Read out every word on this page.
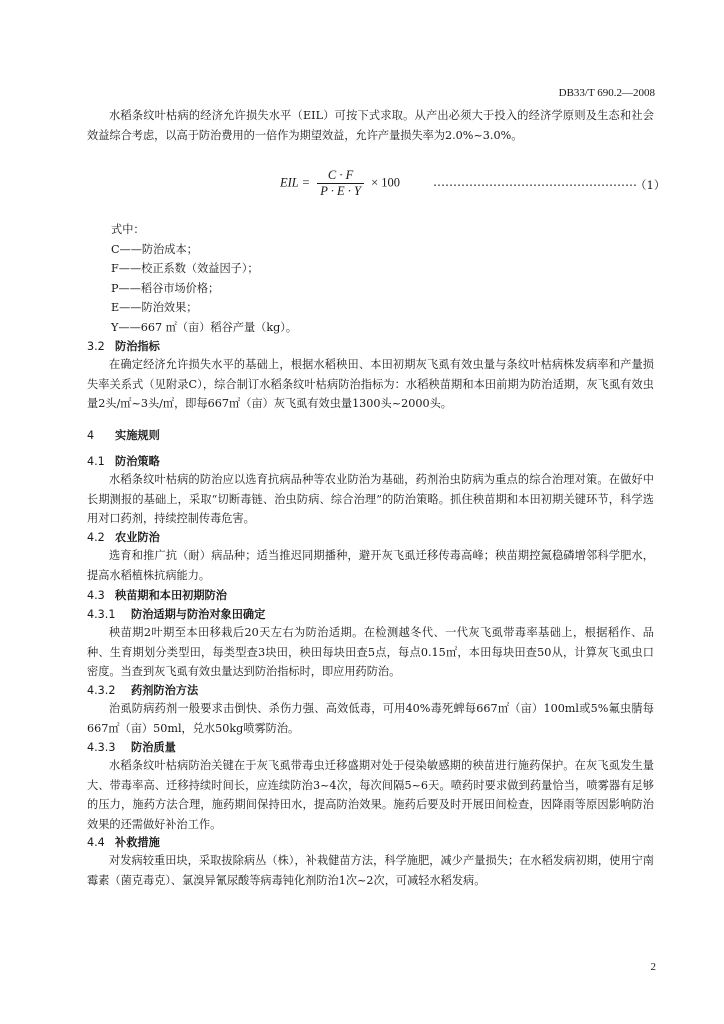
DB33/T 690.2—2008

水稻条纹叶枯病的经济允许损失水平（EIL）可按下式求取。从产出必须大于投入的经济学原则及生态和社会效益综合考虑，以高于防治费用的一倍作为期望效益，允许产量损失率为2.0%~3.0%。

EIL = $\frac{C \cdot F}{P \cdot E \cdot Y} \times 100$	……………………………………………
（1）
式中：
C——防治成本；
F——校正系数（效益因子）；
P——稻谷市场价格；
E——防治效果；
Y——667 ㎡（亩）稻谷产量（kg）。
3.2 防治指标

在确定经济允许损失水平的基础上，根据水稻秧田、本田初期灰飞虱有效虫量与条纹叶枯病株发病率和产量损失率关系式（见附录C），综合制订水稻条纹叶枯病防治指标为：水稻秧苗期和本田前期为防治适期，灰飞虱有效虫量2头/㎡~3头/㎡，即每667㎡（亩）灰飞虱有效虫量1300头~2000头。

4 实施规则
4.1 防治策略

水稻条纹叶枯病的防治应以选育抗病品种等农业防治为基础，药剂治虫防病为重点的综合治理对策。在做好中长期测报的基础上，采取“切断毒链、治虫防病、综合治理”的防治策略。抓住秧苗期和本田初期关键环节，科学选用对口药剂，持续控制传毒危害。

4.2 农业防治

选育和推广抗（耐）病品种；适当推迟同期播种，避开灰飞虱迁移传毒高峰；秧苗期控氮稳磷增邻科学肥水，提高水稻植株抗病能力。

4.3 秧苗期和本田初期防治
4.3.1 防治适期与防治对象田确定

秧苗期2叶期至本田移栽后20天左右为防治适期。在检测越冬代、一代灰飞虱带毒率基础上，根据稻作、品种、生育期划分类型田，每类型查3块田，秧田每块田查5点，每点0.15㎡，本田每块田查50从，计算灰飞虱虫口密度。当查到灰飞虱有效虫量达到防治指标时，即应用药防治。

4.3.2 药剂防治方法

治虱防病药剂一般要求击倒快、杀伤力强、高效低毒，可用40%毒死蜱每667㎡（亩）100ml或5%氟虫腈每667㎡（亩）50ml，兑水50kg喷雾防治。

4.3.3 防治质量

水稻条纹叶枯病防治关键在于灰飞虱带毒虫迁移盛期对处于侵染敏感期的秧苗进行施药保护。在灰飞虱发生量大、带毒率高、迁移持续时间长，应连续防治3~4次，每次间隔5~6天。喷药时要求做到药量恰当，喷雾器有足够的压力，施药方法合理，施药期间保持田水，提高防治效果。施药后要及时开展田间检查，因降雨等原因影响防治效果的还需做好补治工作。

4.4 补救措施

对发病较重田块，采取拔除病丛（株），补栽健苗方法，科学施肥，减少产量损失；在水稻发病初期，使用宁南霉素（菌克毒克）、氯溴异氰尿酸等病毒钝化剂防治1次~2次，可减轻水稻发病。

2
